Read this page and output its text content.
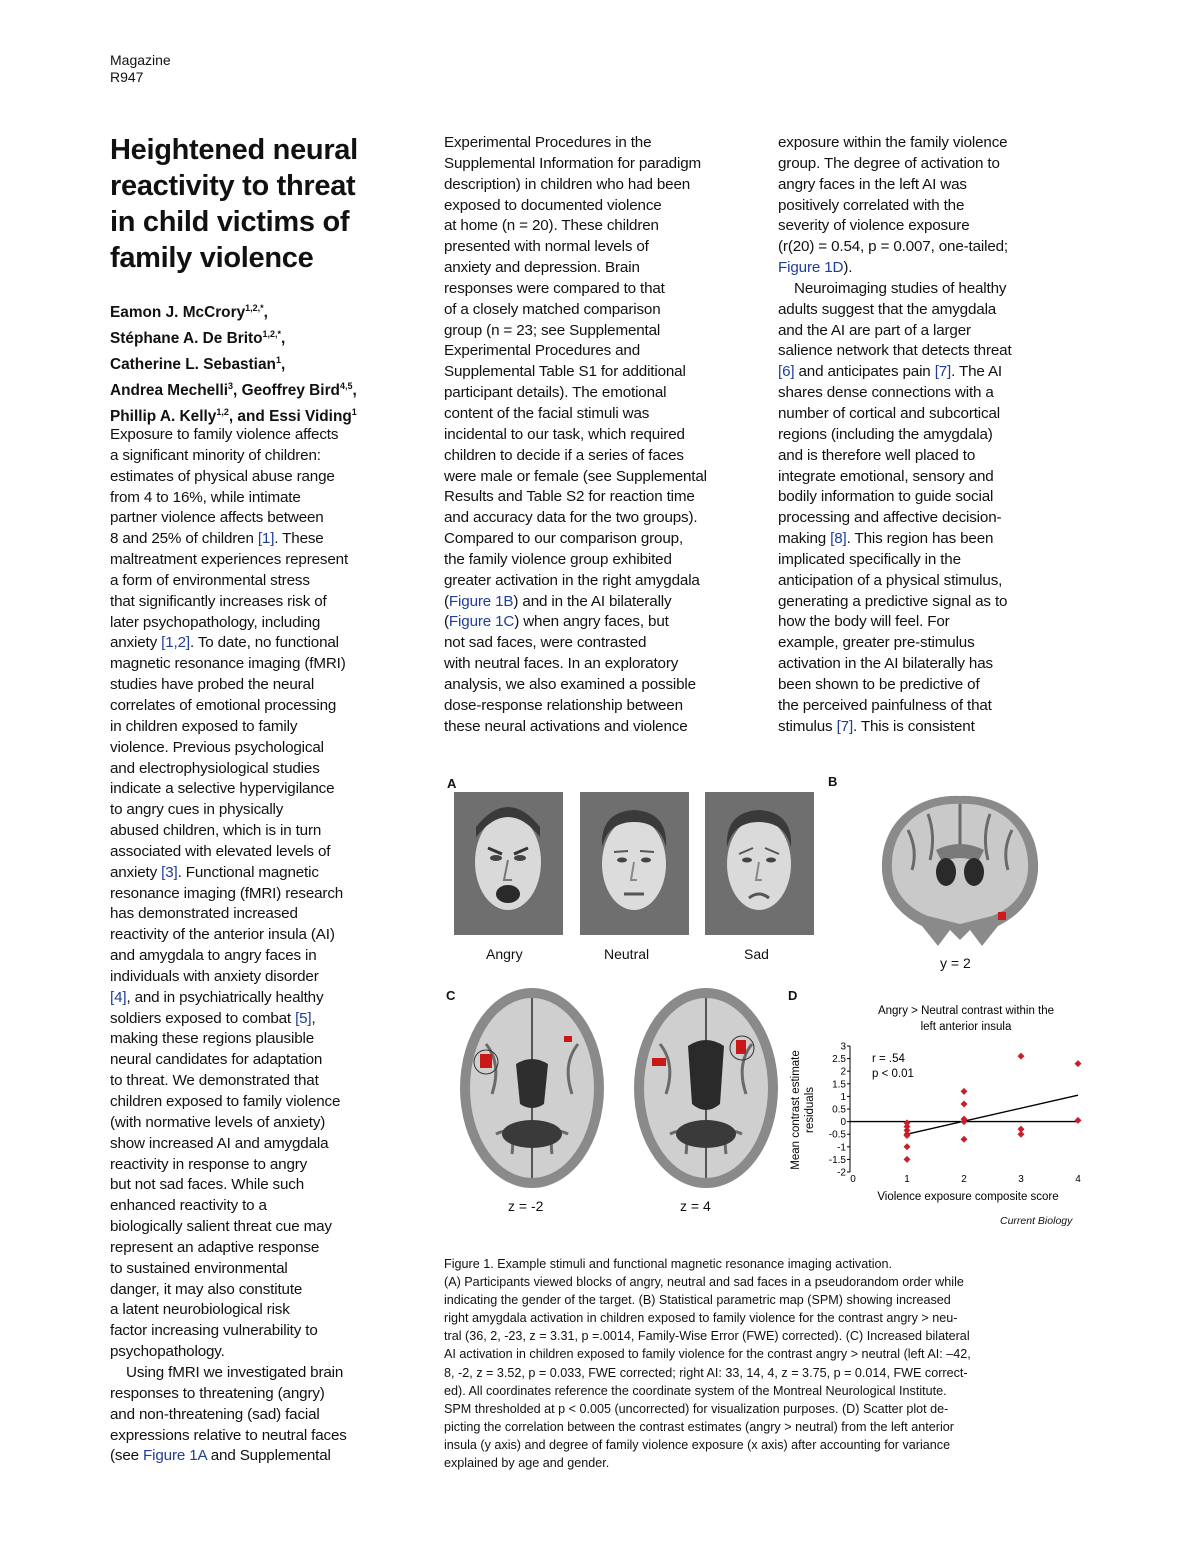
Magazine
R947
Heightened neural
reactivity to threat
in child victims of
family violence
Eamon J. McCrory$^{1,2,*}$,
Stéphane A. De Brito$^{1,2,*}$,
Catherine L. Sebastian$^1$,
Andrea Mechelli$^3$, Geoffrey Bird$^{4,5}$,
Phillip A. Kelly$^{1,2}$, and Essi Viding$^1$
Exposure to family violence affects
a significant minority of children:
estimates of physical abuse range
from 4 to 16%, while intimate
partner violence affects between
8 and 25% of children [1]. These
maltreatment experiences represent
a form of environmental stress
that significantly increases risk of
later psychopathology, including
anxiety [1,2]. To date, no functional
magnetic resonance imaging (fMRI)
studies have probed the neural
correlates of emotional processing
in children exposed to family
violence. Previous psychological
and electrophysiological studies
indicate a selective hypervigilance
to angry cues in physically
abused children, which is in turn
associated with elevated levels of
anxiety [3]. Functional magnetic
resonance imaging (fMRI) research
has demonstrated increased
reactivity of the anterior insula (AI)
and amygdala to angry faces in
individuals with anxiety disorder
[4], and in psychiatrically healthy
soldiers exposed to combat [5],
making these regions plausible
neural candidates for adaptation
to threat. We demonstrated that
children exposed to family violence
(with normative levels of anxiety)
show increased AI and amygdala
reactivity in response to angry
but not sad faces. While such
enhanced reactivity to a
biologically salient threat cue may
represent an adaptive response
to sustained environmental
danger, it may also constitute
a latent neurobiological risk
factor increasing vulnerability to
psychopathology.
Using fMRI we investigated brain
responses to threatening (angry)
and non-threatening (sad) facial
expressions relative to neutral faces
(see Figure 1A and Supplemental
Experimental Procedures in the
Supplemental Information for paradigm
description) in children who had been
exposed to documented violence
at home (n = 20). These children
presented with normal levels of
anxiety and depression. Brain
responses were compared to that
of a closely matched comparison
group (n = 23; see Supplemental
Experimental Procedures and
Supplemental Table S1 for additional
participant details). The emotional
content of the facial stimuli was
incidental to our task, which required
children to decide if a series of faces
were male or female (see Supplemental
Results and Table S2 for reaction time
and accuracy data for the two groups).
Compared to our comparison group,
the family violence group exhibited
greater activation in the right amygdala
(Figure 1B) and in the AI bilaterally
(Figure 1C) when angry faces, but
not sad faces, were contrasted
with neutral faces. In an exploratory
analysis, we also examined a possible
dose-response relationship between
these neural activations and violence
exposure within the family violence
group. The degree of activation to
angry faces in the left AI was
positively correlated with the
severity of violence exposure
(r(20) = 0.54, p = 0.007, one-tailed;
Figure 1D).
Neuroimaging studies of healthy
adults suggest that the amygdala
and the AI are part of a larger
salience network that detects threat
[6] and anticipates pain [7]. The AI
shares dense connections with a
number of cortical and subcortical
regions (including the amygdala)
and is therefore well placed to
integrate emotional, sensory and
bodily information to guide social
processing and affective decision-
making [8]. This region has been
implicated specifically in the
anticipation of a physical stimulus,
generating a predictive signal as to
how the body will feel. For
example, greater pre-stimulus
activation in the AI bilaterally has
been shown to be predictive of
the perceived painfulness of that
stimulus [7]. This is consistent
A	B
C	D
Angry	Neutral	Sad
y = 2
z = -2	z = 4
Angry > Neutral contrast within the
left anterior insula
3
2.5
2
1.5
1
0.5
0
-0.5
-1
-1.5
-2
0	1	2	3	4
r = .54
p < 0.01
Violence exposure composite score
Mean contrast estimate residuals
Current Biology
Figure 1. Example stimuli and functional magnetic resonance imaging activation.
(A) Participants viewed blocks of angry, neutral and sad faces in a pseudorandom order while
indicating the gender of the target. (B) Statistical parametric map (SPM) showing increased
right amygdala activation in children exposed to family violence for the contrast angry > neu-
tral (36, 2, -23, z = 3.31, p =.0014, Family-Wise Error (FWE) corrected). (C) Increased bilateral
AI activation in children exposed to family violence for the contrast angry > neutral (left AI: –42,
8, -2, z = 3.52, p = 0.033, FWE corrected; right AI: 33, 14, 4, z = 3.75, p = 0.014, FWE correct-
ed). All coordinates reference the coordinate system of the Montreal Neurological Institute.
SPM thresholded at p < 0.005 (uncorrected) for visualization purposes. (D) Scatter plot de-
picting the correlation between the contrast estimates (angry > neutral) from the left anterior
insula (y axis) and degree of family violence exposure (x axis) after accounting for variance
explained by age and gender.
